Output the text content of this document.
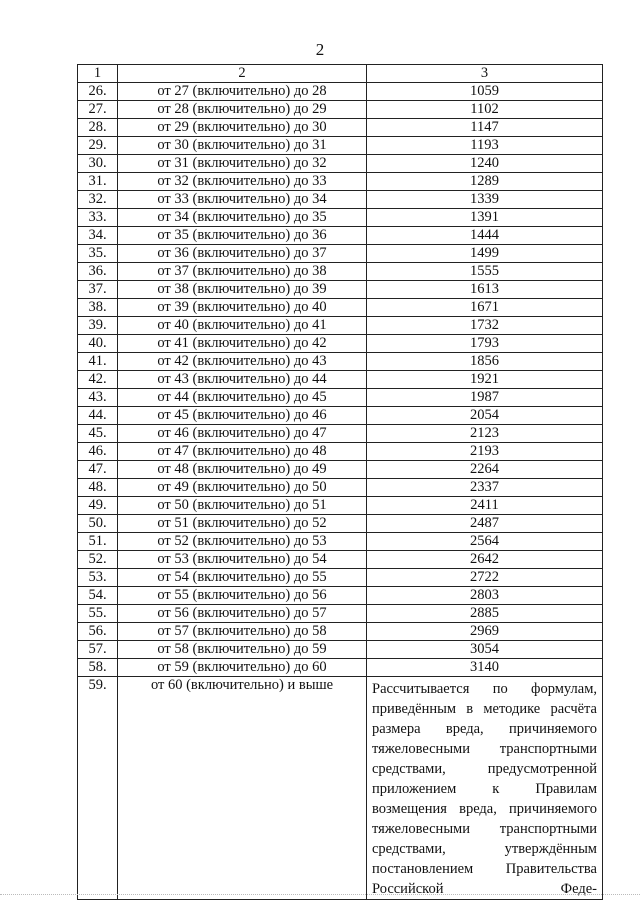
2
1	2	3
26.	от 27 (включительно) до 28	1059
27.	от 28 (включительно) до 29	1102
28.	от 29 (включительно) до 30	1147
29.	от 30 (включительно) до 31	1193
30.	от 31 (включительно) до 32	1240
31.	от 32 (включительно) до 33	1289
32.	от 33 (включительно) до 34	1339
33.	от 34 (включительно) до 35	1391
34.	от 35 (включительно) до 36	1444
35.	от 36 (включительно) до 37	1499
36.	от 37 (включительно) до 38	1555
37.	от 38 (включительно) до 39	1613
38.	от 39 (включительно) до 40	1671
39.	от 40 (включительно) до 41	1732
40.	от 41 (включительно) до 42	1793
41.	от 42 (включительно) до 43	1856
42.	от 43 (включительно) до 44	1921
43.	от 44 (включительно) до 45	1987
44.	от 45 (включительно) до 46	2054
45.	от 46 (включительно) до 47	2123
46.	от 47 (включительно) до 48	2193
47.	от 48 (включительно) до 49	2264
48.	от 49 (включительно) до 50	2337
49.	от 50 (включительно) до 51	2411
50.	от 51 (включительно) до 52	2487
51.	от 52 (включительно) до 53	2564
52.	от 53 (включительно) до 54	2642
53.	от 54 (включительно) до 55	2722
54.	от 55 (включительно) до 56	2803
55.	от 56 (включительно) до 57	2885
56.	от 57 (включительно) до 58	2969
57.	от 58 (включительно) до 59	3054
58.	от 59 (включительно) до 60	3140
59.	от 60 (включительно) и выше	Рассчитывается по формулам, приведённым в методике расчёта размера вреда, причиняемого тяжеловесными транспортными средствами, предусмотренной приложением к Правилам возмещения вреда, причиняемого тяжеловесными транспортными средствами, утверждённым постановлением Правительства Российской Феде-
